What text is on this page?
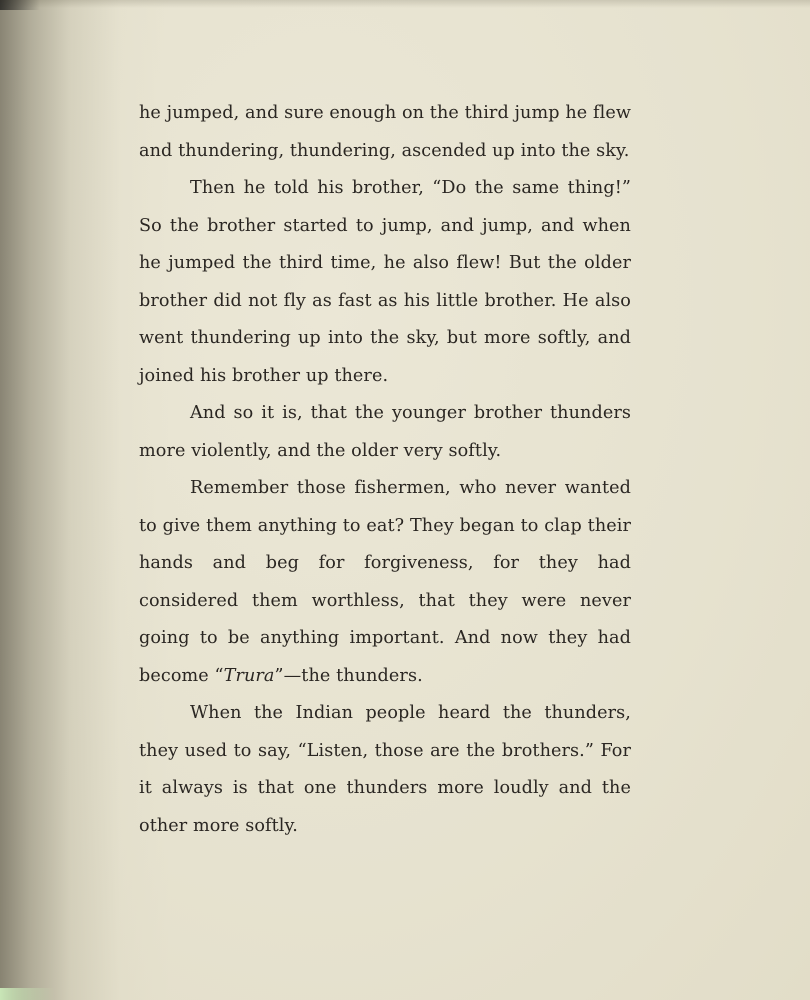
he jumped, and sure enough on the third jump he flew and thundering, thundering, ascended up into the sky.

Then he told his brother, “Do the same thing!” So the brother started to jump, and jump, and when he jumped the third time, he also flew! But the older brother did not fly as fast as his little brother. He also went thundering up into the sky, but more softly, and joined his brother up there.

And so it is, that the younger brother thunders more violently, and the older very softly.

Remember those fishermen, who never wanted to give them anything to eat? They began to clap their hands and beg for forgiveness, for they had considered them worthless, that they were never going to be anything important. And now they had become “Trura”—the thunders.

When the Indian people heard the thunders, they used to say, “Listen, those are the brothers.” For it always is that one thunders more loudly and the other more softly.
